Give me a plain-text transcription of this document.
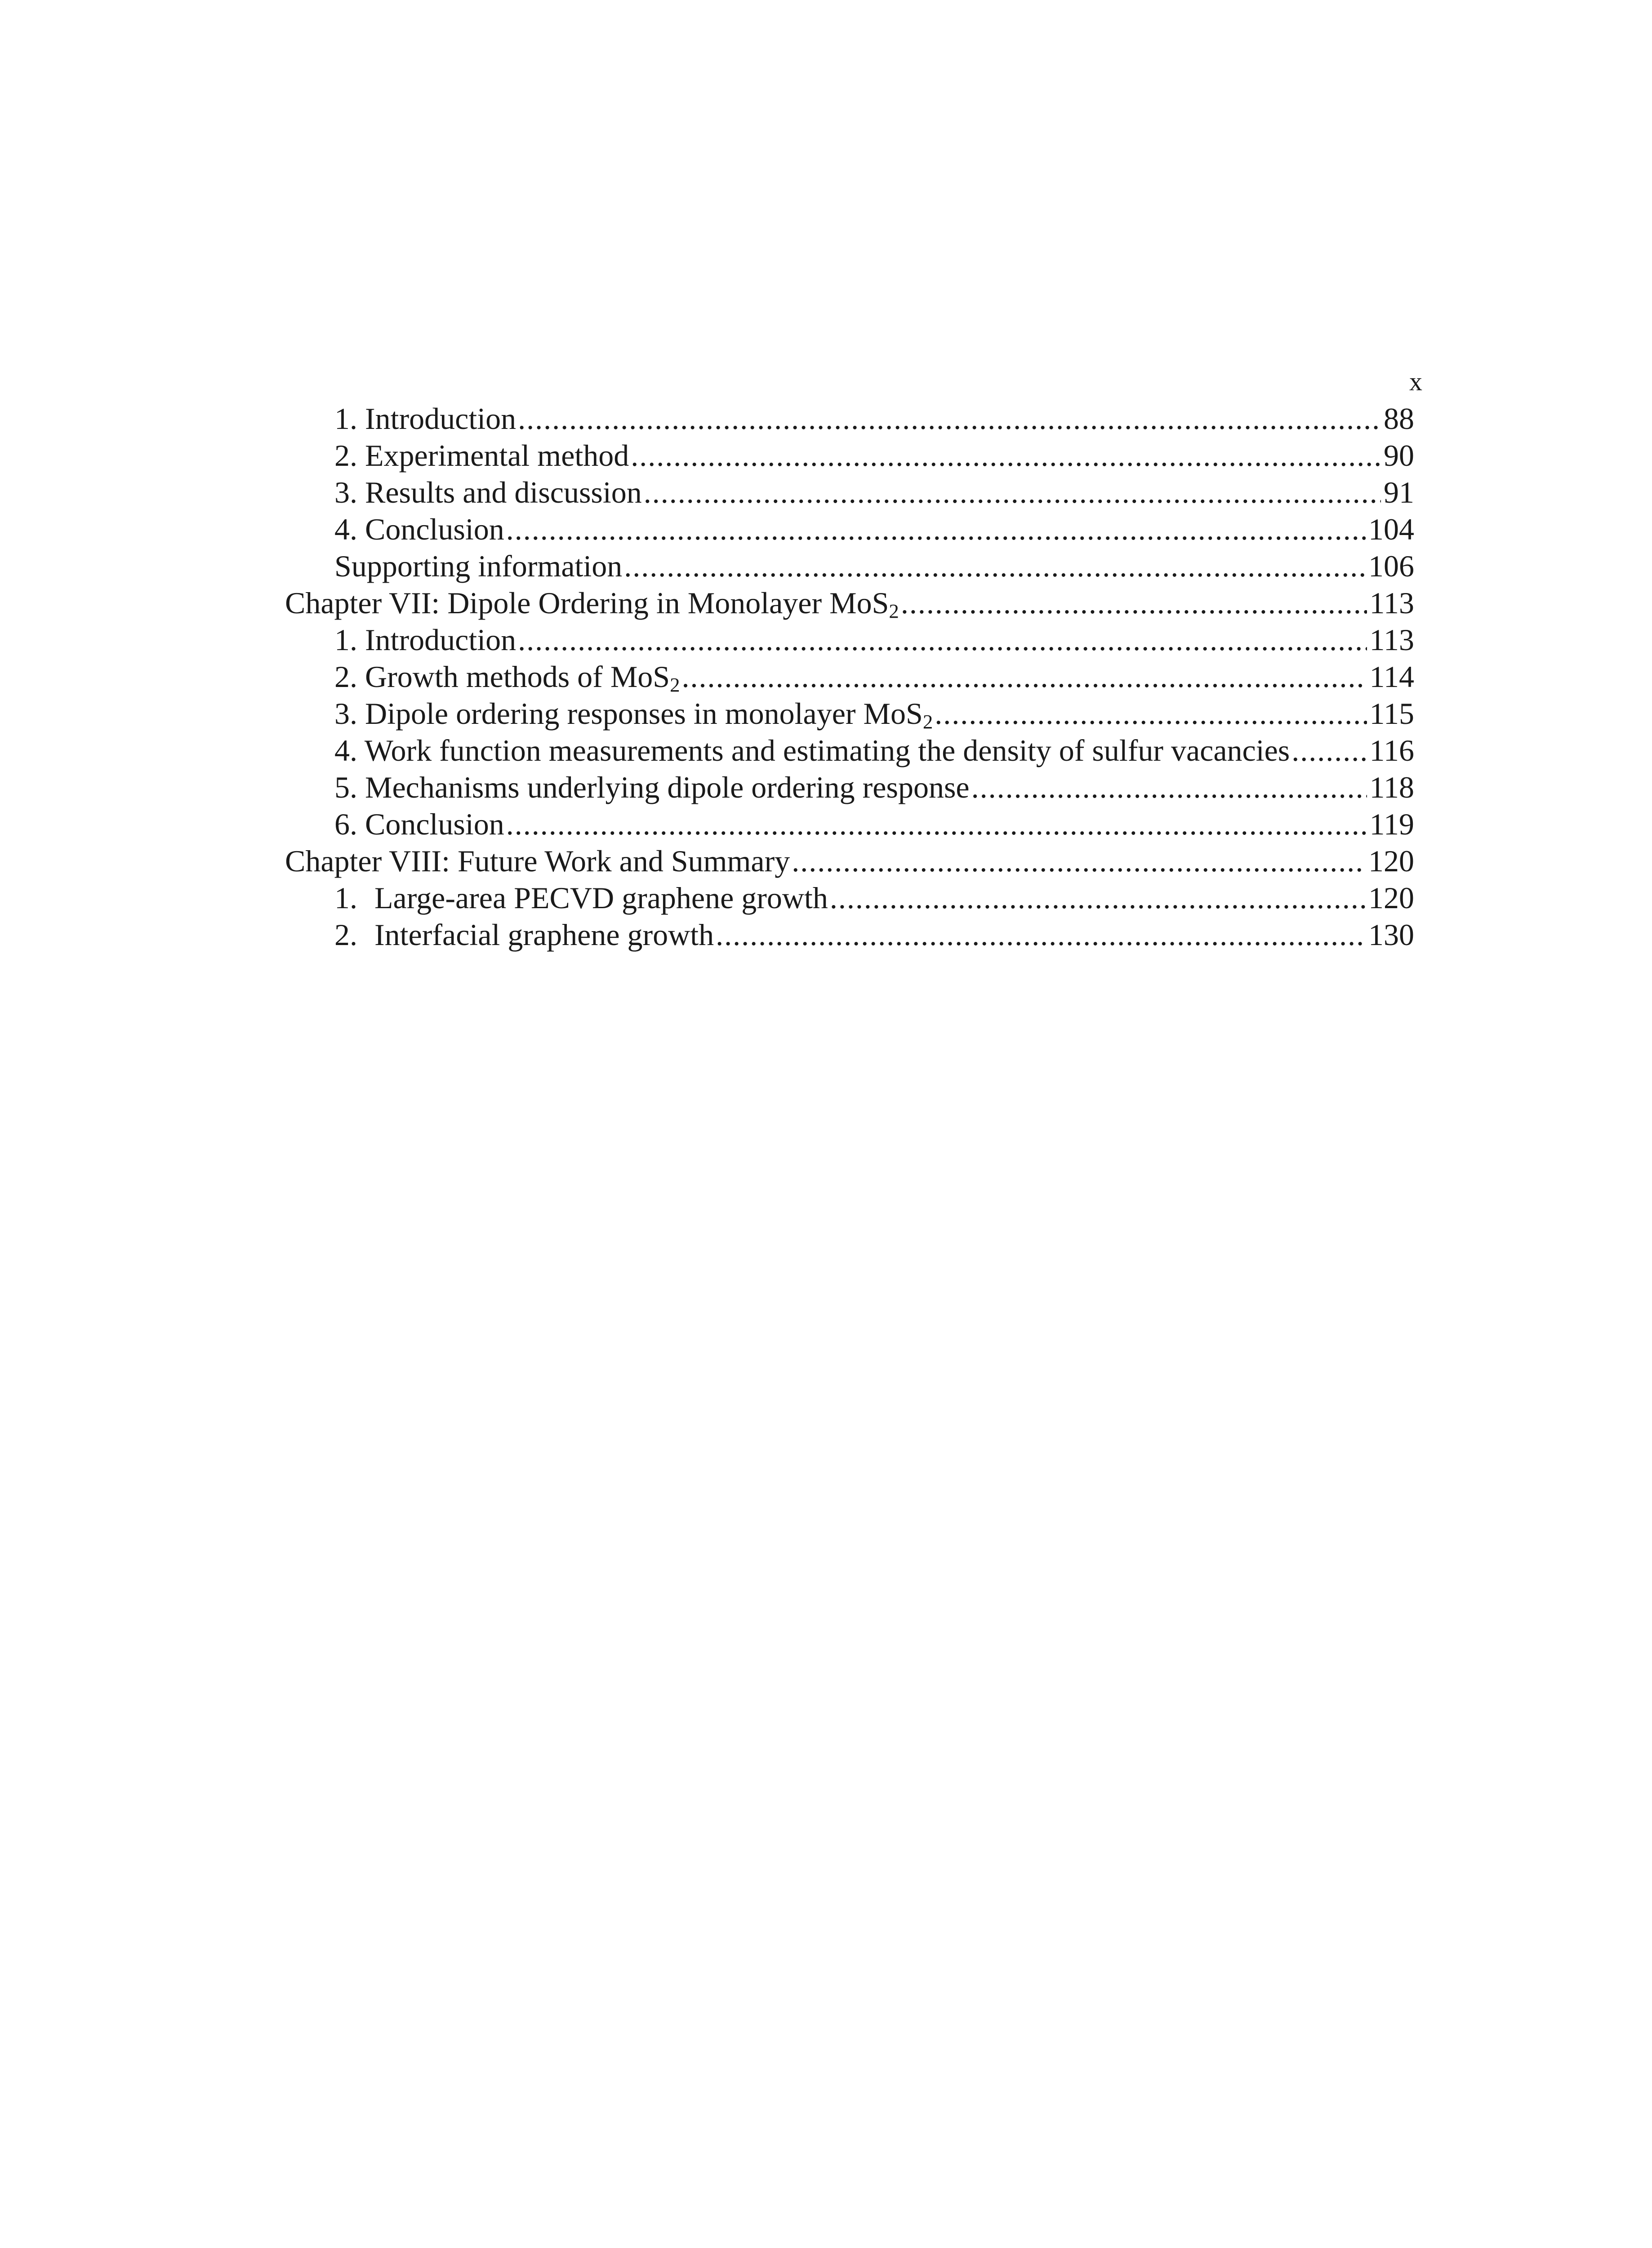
x
1. Introduction .....	88
2. Experimental method .....	90
3. Results and discussion .....	91
4. Conclusion .....	104
Supporting information .....	106
Chapter VII: Dipole Ordering in Monolayer MoS$_2$ .....	113
1. Introduction .....	113
2. Growth methods of MoS$_2$ .....	114
3. Dipole ordering responses in monolayer MoS$_2$ .....	115
4. Work function measurements and estimating the density of sulfur vacancies .....	116
5. Mechanisms underlying dipole ordering response .....	118
6. Conclusion .....	119
Chapter VIII: Future Work and Summary .....	120
1. Large-area PECVD graphene growth .....	120
2. Interfacial graphene growth .....	130
